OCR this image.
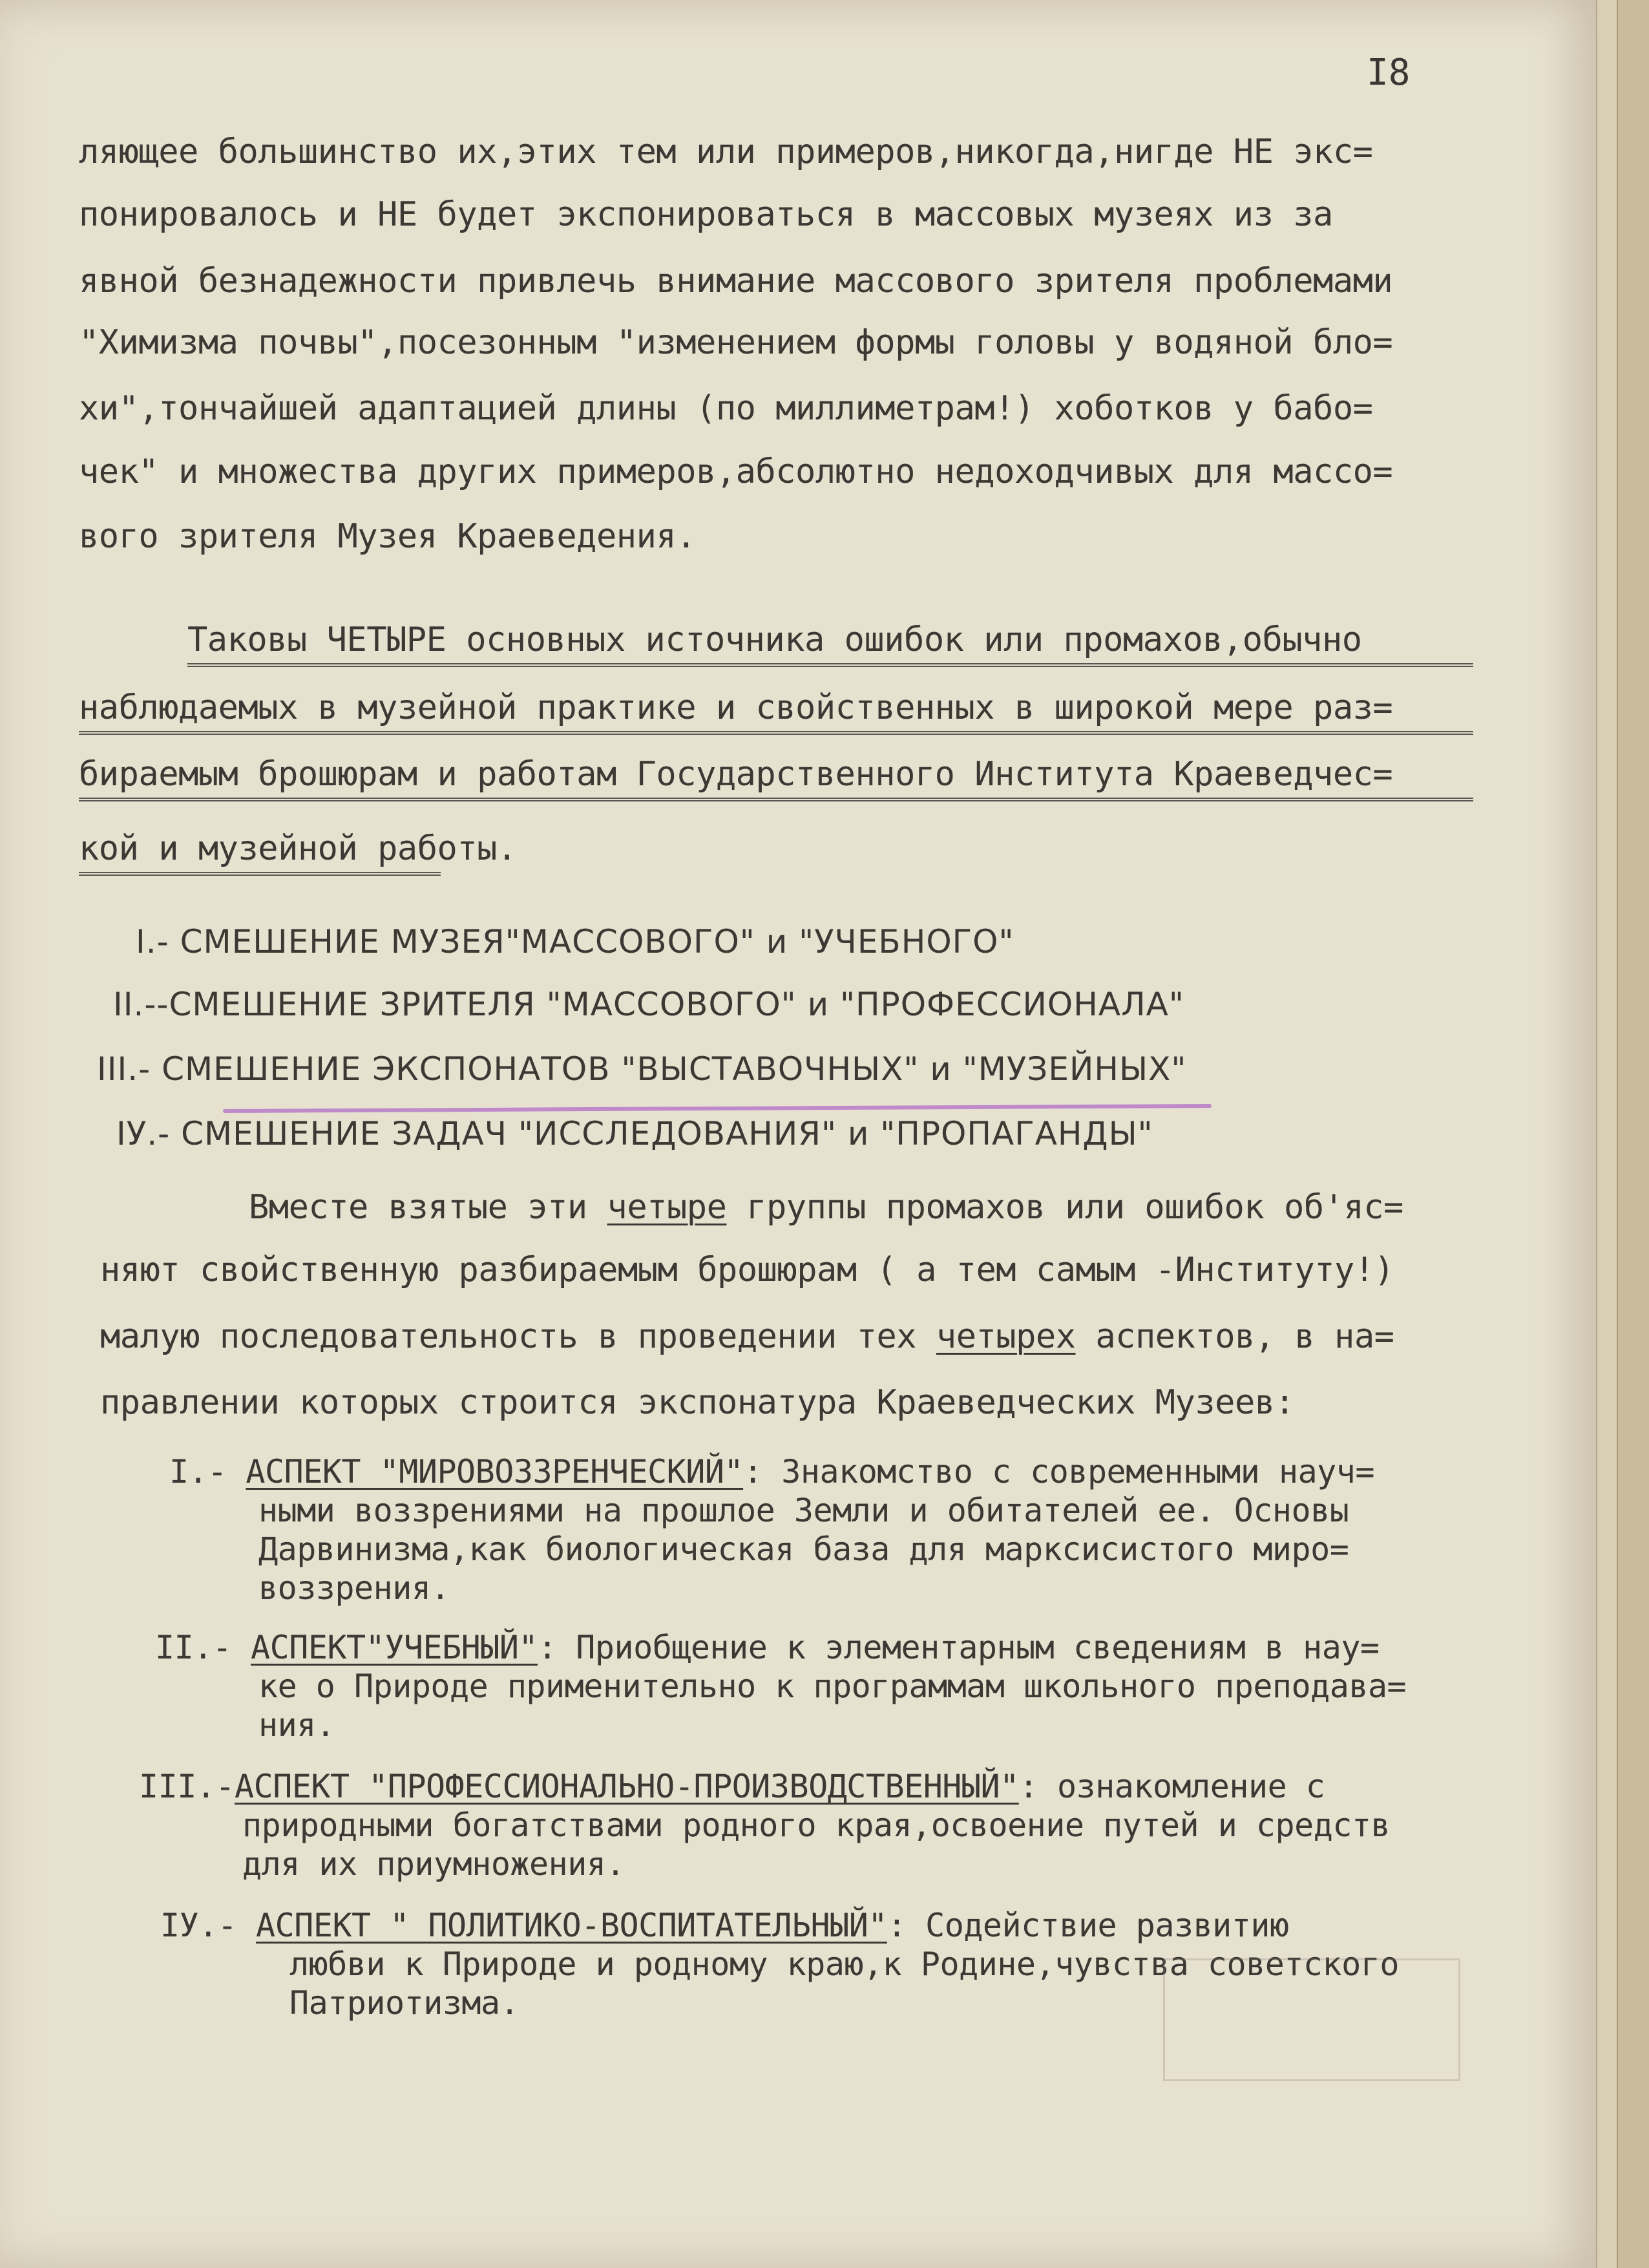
I8
ляющее большинство их,этих тем или примеров,никогда,нигде НЕ экс=
понировалось и НЕ будет экспонироваться в массовых музеях из за
явной безнадежности привлечь внимание массового зрителя проблемами
"Химизма почвы",посезонным "изменением формы головы у водяной бло=
хи",тончайшей адаптацией длины (по миллиметрам!) хоботков у бабо=
чек" и множества других примеров,абсолютно недоходчивых для массо=
вого зрителя Музея Краеведения.
Таковы ЧЕТЫРЕ основных источника ошибок или промахов,обычно
наблюдаемых в музейной практике и свойственных в широкой мере раз=
бираемым брошюрам и работам Государственного Института Краеведчес=
кой и музейной работы.
I.- СМЕШЕНИЕ МУЗЕЯ"МАССОВОГО" и "УЧЕБНОГО"
II.--СМЕШЕНИЕ ЗРИТЕЛЯ "МАССОВОГО" и "ПРОФЕССИОНАЛА"
III.- СМЕШЕНИЕ ЭКСПОНАТОВ "ВЫСТАВОЧНЫХ" и "МУЗЕЙНЫХ"
IУ.- СМЕШЕНИЕ ЗАДАЧ "ИССЛЕДОВАНИЯ" и "ПРОПАГАНДЫ"
Вместе взятые эти четыре группы промахов или ошибок об'яс=
няют свойственную разбираемым брошюрам ( а тем самым -Институту!)
малую последовательность в проведении тех четырех аспектов, в на=
правлении которых строится экспонатура Краеведческих Музеев:
I.- АСПЕКТ "МИРОВОЗЗРЕНЧЕСКИЙ": Знакомство с современными науч=
ными воззрениями на прошлое Земли и обитателей ее. Основы
Дарвинизма,как биологическая база для марксисистого миро=
воззрения.
II.- АСПЕКТ"УЧЕБНЫЙ": Приобщение к элементарным сведениям в нау=
ке о Природе применительно к программам школьного преподава=
ния.
III.-АСПЕКТ "ПРОФЕССИОНАЛЬНО-ПРОИЗВОДСТВЕННЫЙ": ознакомление с
природными богатствами родного края,освоение путей и средств
для их приумножения.
IУ.- АСПЕКТ " ПОЛИТИКО-ВОСПИТАТЕЛЬНЫЙ": Содействие развитию
любви к Природе и родному краю,к Родине,чувства советского
Патриотизма.
